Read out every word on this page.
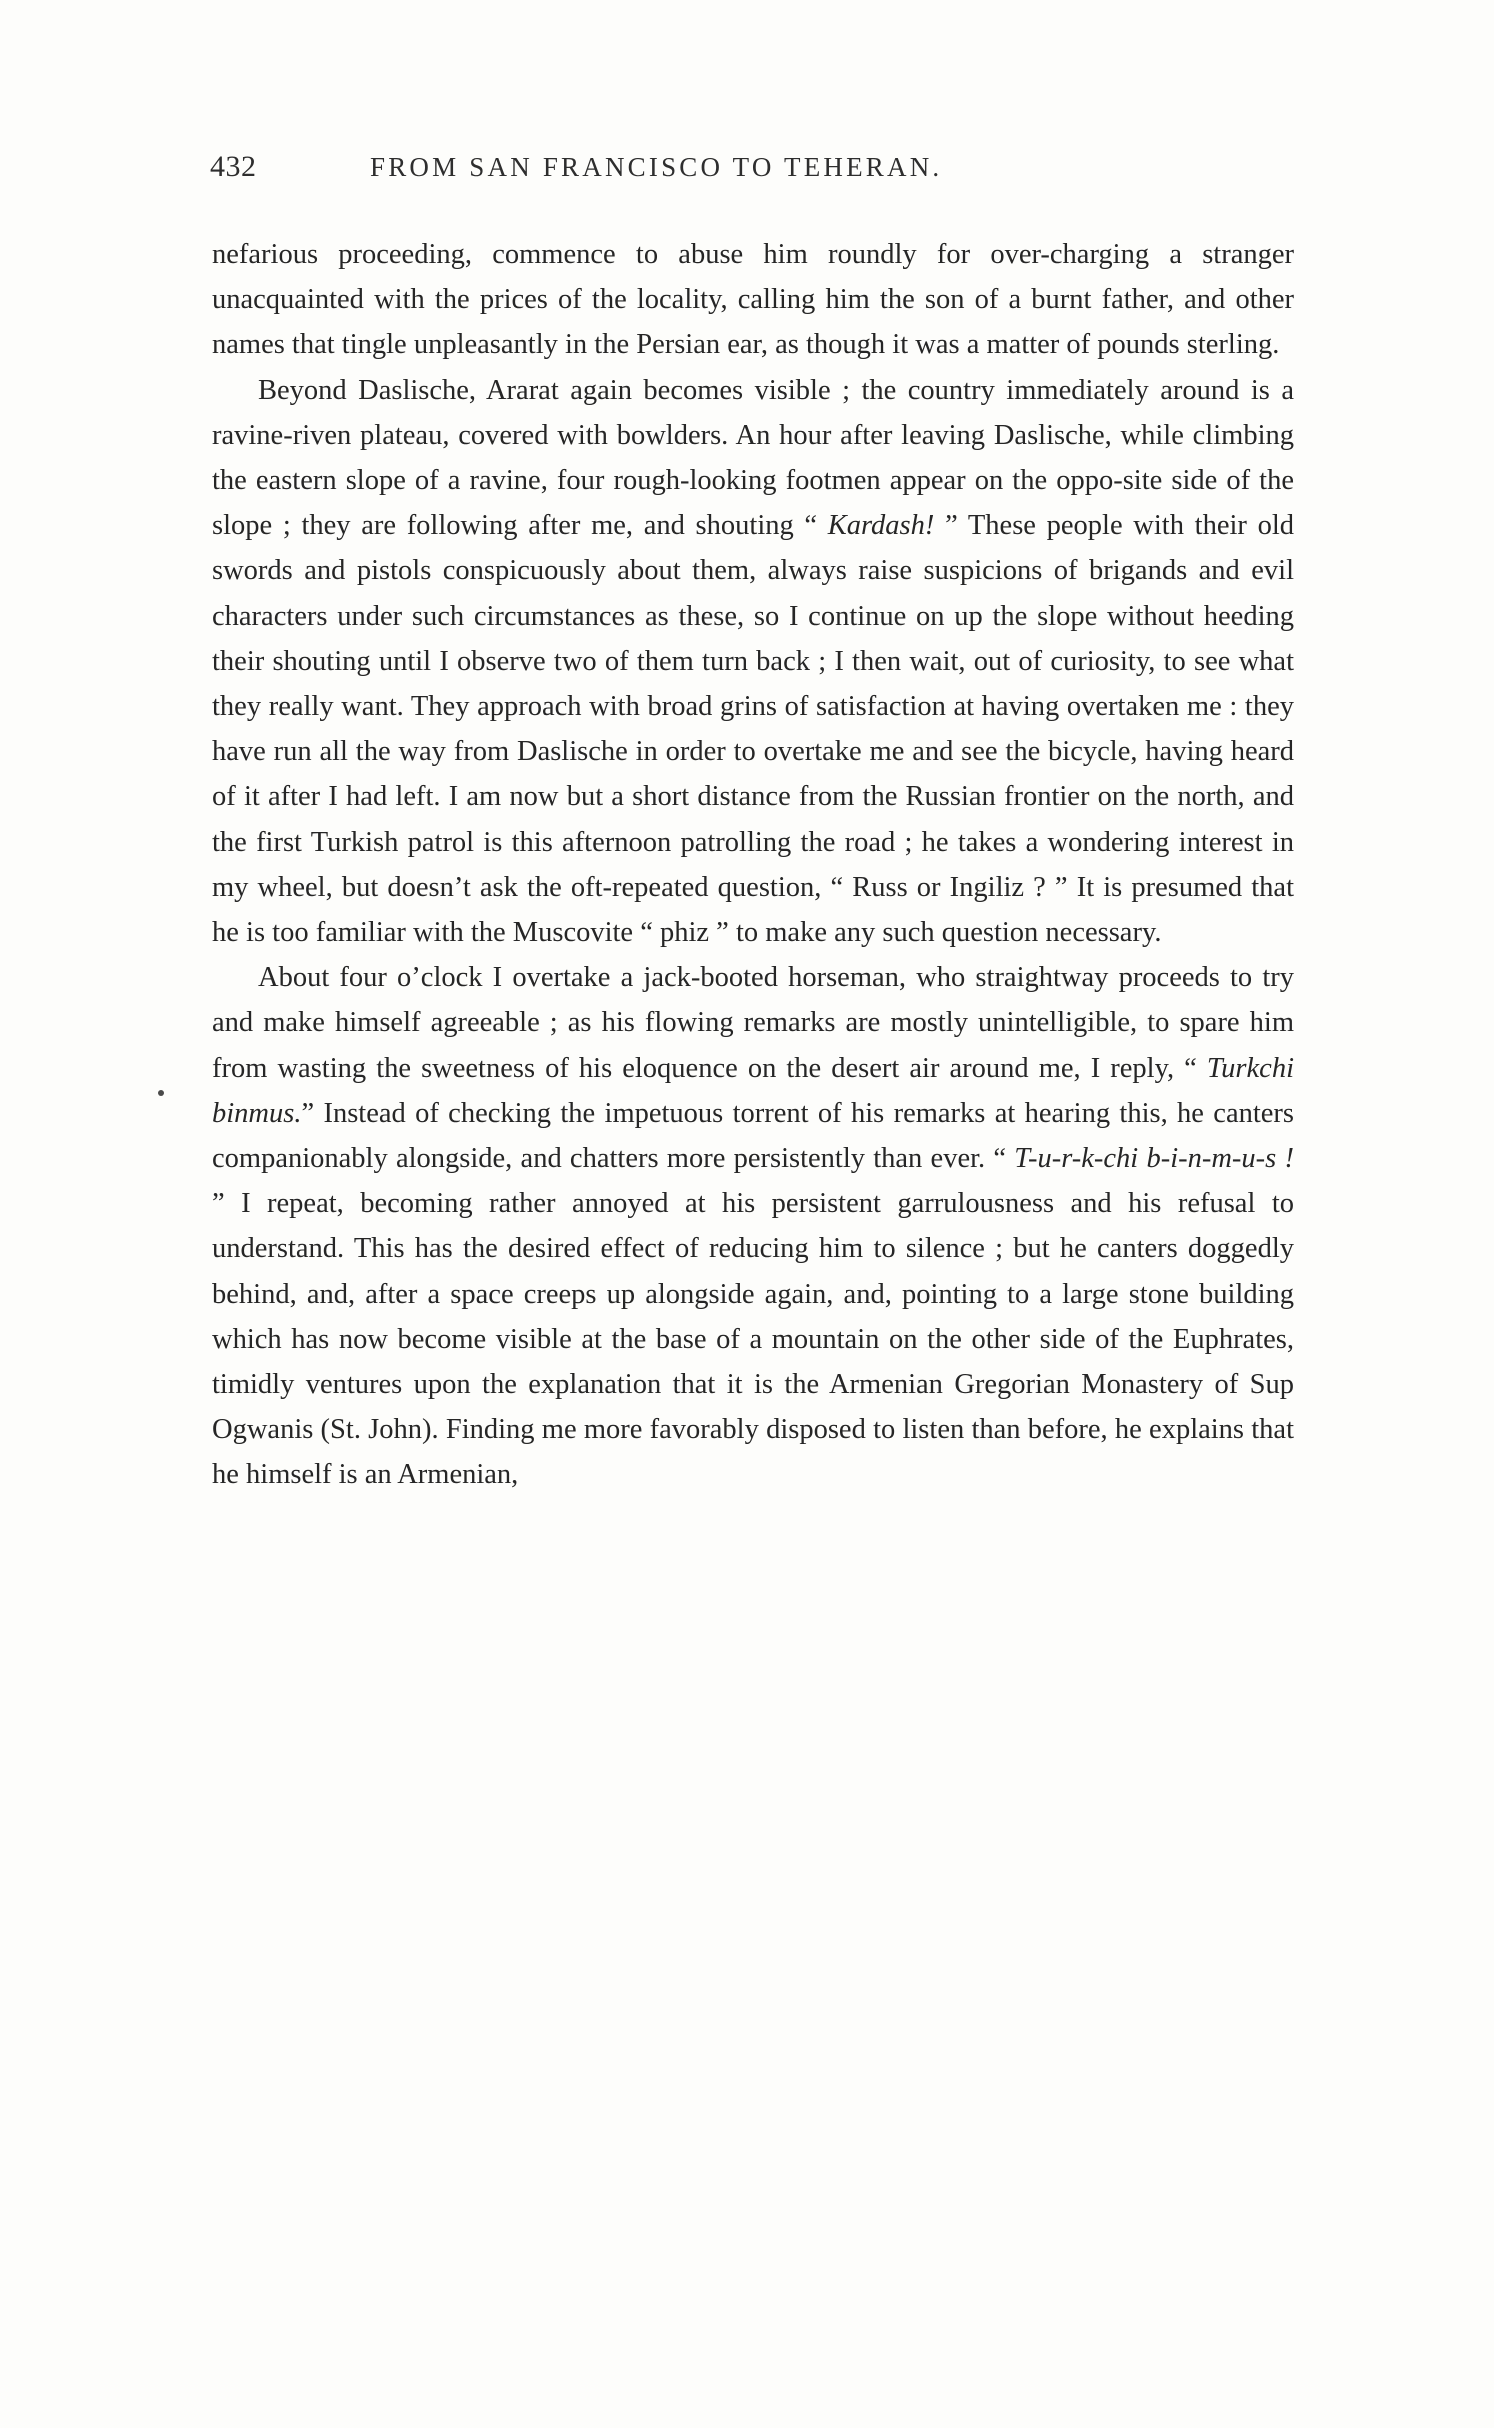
432	FROM SAN FRANCISCO TO TEHERAN.

nefarious proceeding, commence to abuse him roundly for over-charging a stranger unacquainted with the prices of the locality, calling him the son of a burnt father, and other names that tingle unpleasantly in the Persian ear, as though it was a matter of pounds sterling.

Beyond Daslische, Ararat again becomes visible ; the country immediately around is a ravine-riven plateau, covered with bowlders. An hour after leaving Daslische, while climbing the eastern slope of a ravine, four rough-looking footmen appear on the oppo-site side of the slope ; they are following after me, and shouting “ Kardash! ” These people with their old swords and pistols conspicuously about them, always raise suspicions of brigands and evil characters under such circumstances as these, so I continue on up the slope without heeding their shouting until I observe two of them turn back ; I then wait, out of curiosity, to see what they really want. They approach with broad grins of satisfaction at having overtaken me : they have run all the way from Daslische in order to overtake me and see the bicycle, having heard of it after I had left. I am now but a short distance from the Russian frontier on the north, and the first Turkish patrol is this afternoon patrolling the road ; he takes a wondering interest in my wheel, but doesn’t ask the oft-repeated question, “ Russ or Ingiliz ? ” It is presumed that he is too familiar with the Muscovite “ phiz ” to make any such question necessary.

About four o’clock I overtake a jack-booted horseman, who straightway proceeds to try and make himself agreeable ; as his flowing remarks are mostly unintelligible, to spare him from wasting the sweetness of his eloquence on the desert air around me, I reply, “ Turkchi binmus.” Instead of checking the impetuous torrent of his remarks at hearing this, he canters companionably alongside, and chatters more persistently than ever. “ T-u-r-k-chi b-i-n-m-u-s ! ” I repeat, becoming rather annoyed at his persistent garrulousness and his refusal to understand. This has the desired effect of reducing him to silence ; but he canters doggedly behind, and, after a space creeps up alongside again, and, pointing to a large stone building which has now become visible at the base of a mountain on the other side of the Euphrates, timidly ventures upon the explanation that it is the Armenian Gregorian Monastery of Sup Ogwanis (St. John). Finding me more favorably disposed to listen than before, he explains that he himself is an Armenian,
